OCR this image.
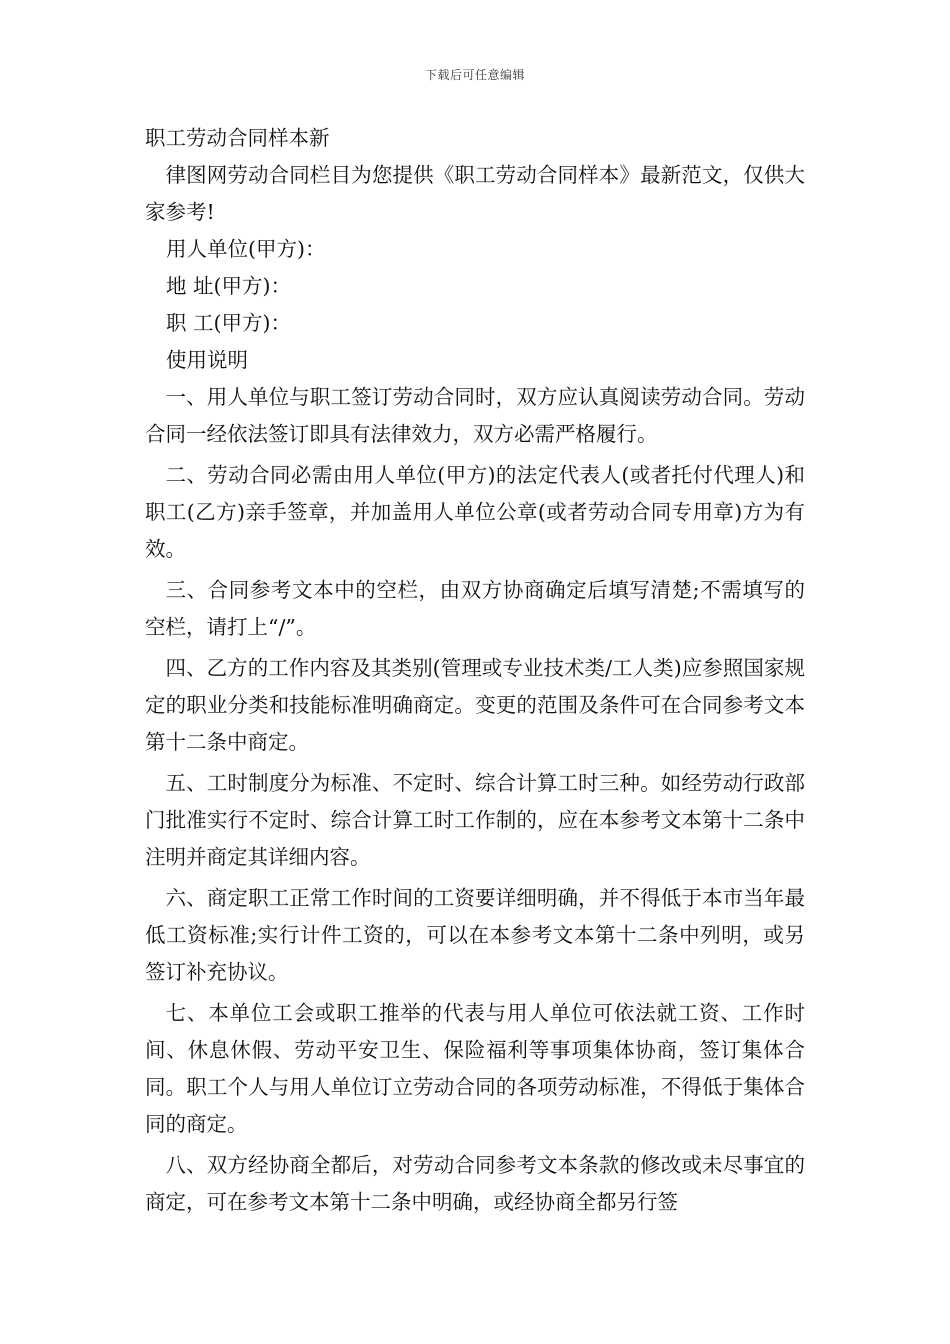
下载后可任意编辑
职工劳动合同样本新

律图网劳动合同栏目为您提供《职工劳动合同样本》最新范文，仅供大家参考!

用人单位(甲方)：

地 址(甲方)：

职 工(甲方)：

使用说明

一、用人单位与职工签订劳动合同时，双方应认真阅读劳动合同。劳动合同一经依法签订即具有法律效力，双方必需严格履行。

二、劳动合同必需由用人单位(甲方)的法定代表人(或者托付代理人)和职工(乙方)亲手签章，并加盖用人单位公章(或者劳动合同专用章)方为有效。

三、合同参考文本中的空栏，由双方协商确定后填写清楚;不需填写的空栏，请打上“/”。

四、乙方的工作内容及其类别(管理或专业技术类/工人类)应参照国家规定的职业分类和技能标准明确商定。变更的范围及条件可在合同参考文本第十二条中商定。

五、工时制度分为标准、不定时、综合计算工时三种。如经劳动行政部门批准实行不定时、综合计算工时工作制的，应在本参考文本第十二条中注明并商定其详细内容。

六、商定职工正常工作时间的工资要详细明确，并不得低于本市当年最低工资标准;实行计件工资的，可以在本参考文本第十二条中列明，或另签订补充协议。

七、本单位工会或职工推举的代表与用人单位可依法就工资、工作时间、休息休假、劳动平安卫生、保险福利等事项集体协商，签订集体合同。职工个人与用人单位订立劳动合同的各项劳动标准，不得低于集体合同的商定。

八、双方经协商全都后，对劳动合同参考文本条款的修改或未尽事宜的商定，可在参考文本第十二条中明确，或经协商全都另行签
